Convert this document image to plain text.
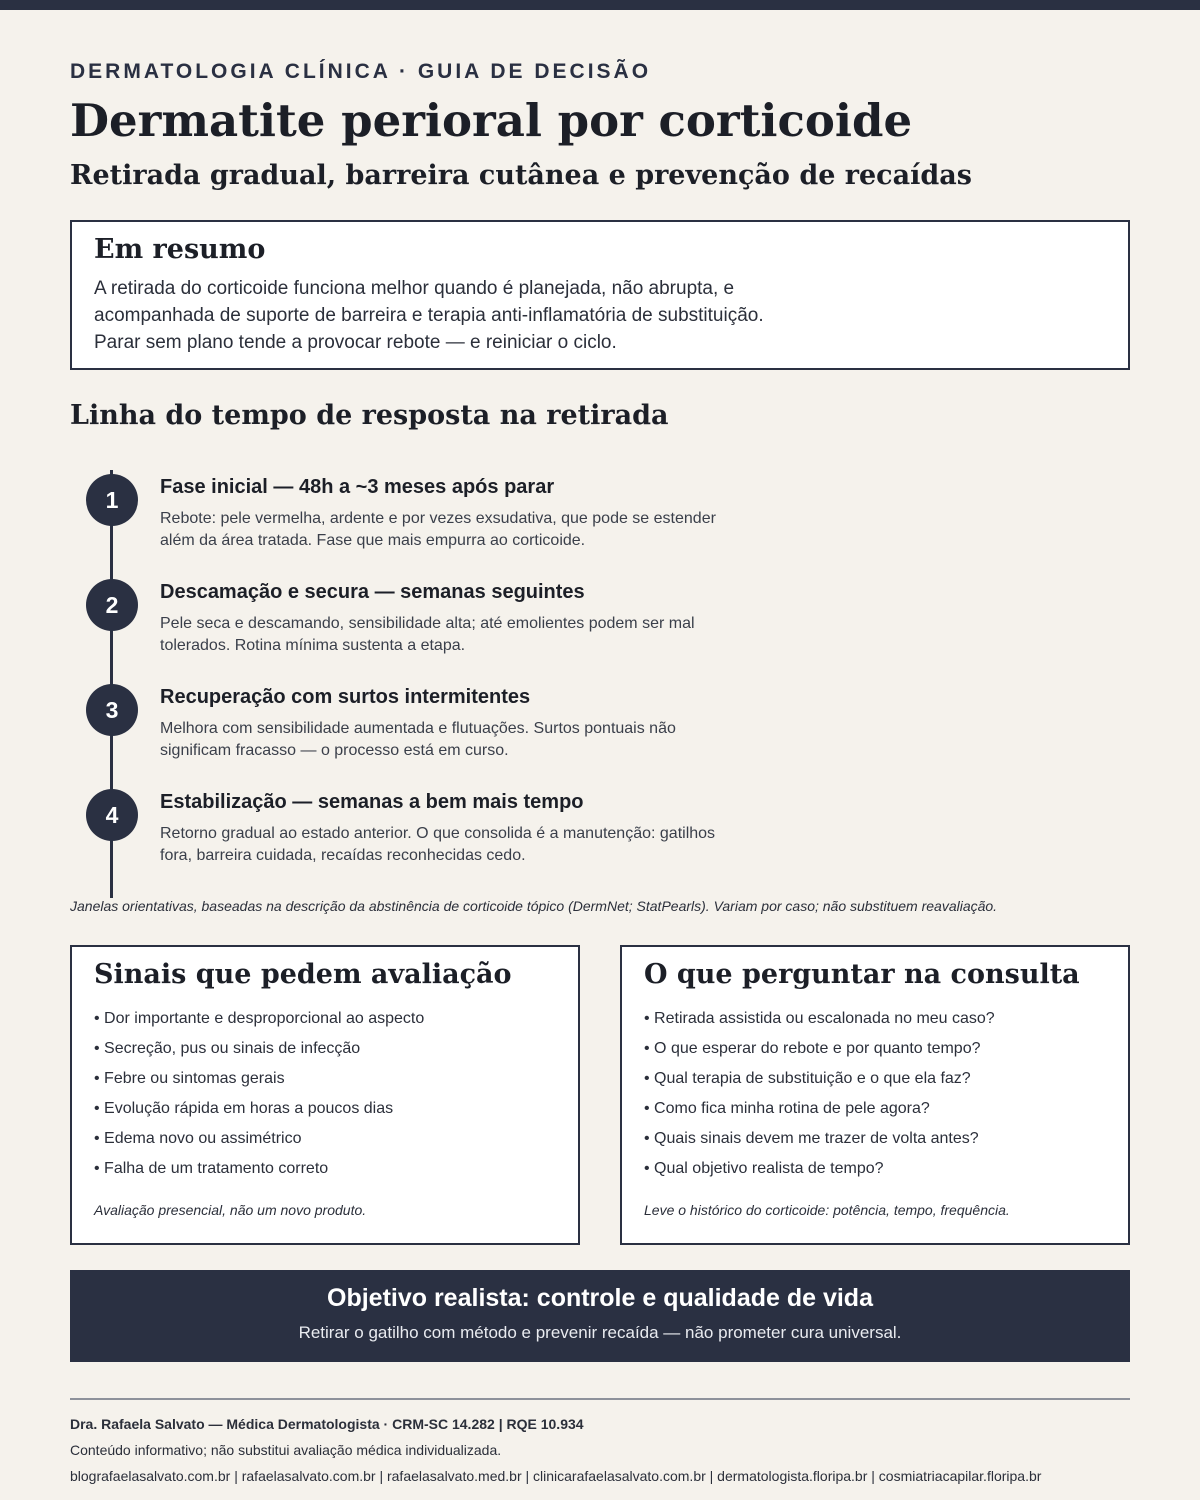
DERMATOLOGIA CLÍNICA · GUIA DE DECISÃO
Dermatite perioral por corticoide
Retirada gradual, barreira cutânea e prevenção de recaídas
Em resumo

A retirada do corticoide funciona melhor quando é planejada, não abrupta, e
acompanhada de suporte de barreira e terapia anti-inflamatória de substituição.
Parar sem plano tende a provocar rebote — e reiniciar o ciclo.

Linha do tempo de resposta na retirada
1	Fase inicial — 48h a ~3 meses após parar
Rebote: pele vermelha, ardente e por vezes exsudativa, que pode se estender além da área tratada. Fase que mais empurra ao corticoide.
2	Descamação e secura — semanas seguintes
Pele seca e descamando, sensibilidade alta; até emolientes podem ser mal tolerados. Rotina mínima sustenta a etapa.
3	Recuperação com surtos intermitentes
Melhora com sensibilidade aumentada e flutuações. Surtos pontuais não significam fracasso — o processo está em curso.
4	Estabilização — semanas a bem mais tempo
Retorno gradual ao estado anterior. O que consolida é a manutenção: gatilhos fora, barreira cuidada, recaídas reconhecidas cedo.
Janelas orientativas, baseadas na descrição da abstinência de corticoide tópico (DermNet; StatPearls). Variam por caso; não substituem reavaliação.
Sinais que pedem avaliação
• Dor importante e desproporcional ao aspecto
• Secreção, pus ou sinais de infecção
• Febre ou sintomas gerais
• Evolução rápida em horas a poucos dias
• Edema novo ou assimétrico
• Falha de um tratamento correto
Avaliação presencial, não um novo produto.
O que perguntar na consulta
• Retirada assistida ou escalonada no meu caso?
• O que esperar do rebote e por quanto tempo?
• Qual terapia de substituição e o que ela faz?
• Como fica minha rotina de pele agora?
• Quais sinais devem me trazer de volta antes?
• Qual objetivo realista de tempo?
Leve o histórico do corticoide: potência, tempo, frequência.
Objetivo realista: controle e qualidade de vida
Retirar o gatilho com método e prevenir recaída — não prometer cura universal.
Dra. Rafaela Salvato — Médica Dermatologista · CRM-SC 14.282 | RQE 10.934
Conteúdo informativo; não substitui avaliação médica individualizada.
blografaelasalvato.com.br | rafaelasalvato.com.br | rafaelasalvato.med.br | clinicarafaelasalvato.com.br | dermatologista.floripa.br | cosmiatriacapilar.floripa.br
